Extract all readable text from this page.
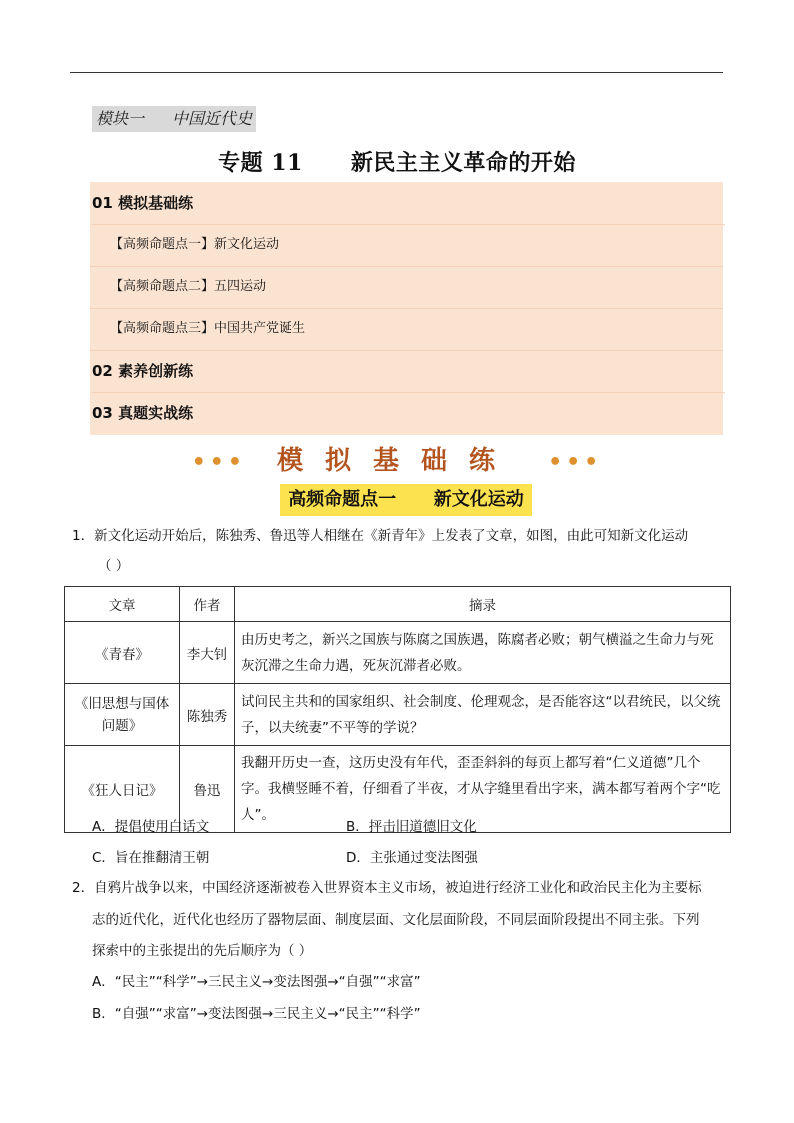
模块一 中国近代史
专题 11 新民主主义革命的开始
01 模拟基础练
【高频命题点一】新文化运动
【高频命题点二】五四运动
【高频命题点三】中国共产党诞生
02 素养创新练
03 真题实战练
••• 模拟基础练 •••
高频命题点一      新文化运动
1．新文化运动开始后，陈独秀、鲁迅等人相继在《新青年》上发表了文章，如图，由此可知新文化运动
（ ）
文章	作者	摘录
《青春》	李大钊	由历史考之，新兴之国族与陈腐之国族遇，陈腐者必败；朝气横溢之生命力与死灰沉滞之生命力遇，死灰沉滞者必败。
《旧思想与国体问题》	陈独秀	试问民主共和的国家组织、社会制度、伦理观念，是否能容这“以君统民，以父统子，以夫统妻”不平等的学说？
《狂人日记》	鲁迅	我翻开历史一查，这历史没有年代，歪歪斜斜的每页上都写着“仁义道德”几个字。我横竖睡不着，仔细看了半夜，才从字缝里看出字来，满本都写着两个字“吃人”。
A．提倡使用白话文	B．抨击旧道德旧文化
C．旨在推翻清王朝	D．主张通过变法图强
2．自鸦片战争以来，中国经济逐渐被卷入世界资本主义市场，被迫进行经济工业化和政治民主化为主要标
志的近代化，近代化也经历了器物层面、制度层面、文化层面阶段，不同层面阶段提出不同主张。下列
探索中的主张提出的先后顺序为（ ）
A．“民主”“科学”→三民主义→变法图强→“自强”“求富”
B．“自强”“求富”→变法图强→三民主义→“民主”“科学”
